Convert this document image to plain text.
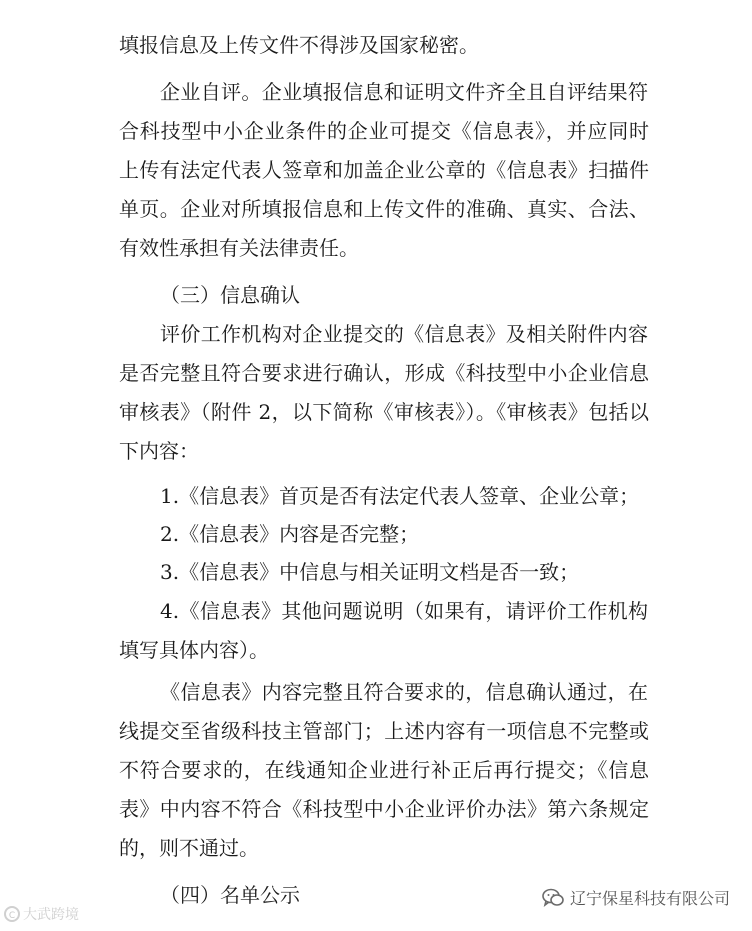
填报信息及上传文件不得涉及国家秘密。
企业自评。企业填报信息和证明文件齐全且自评结果符
合科技型中小企业条件的企业可提交《信息表》，并应同时
上传有法定代表人签章和加盖企业公章的《信息表》扫描件
单页。企业对所填报信息和上传文件的准确、真实、合法、
有效性承担有关法律责任。
（三）信息确认
评价工作机构对企业提交的《信息表》及相关附件内容
是否完整且符合要求进行确认，形成《科技型中小企业信息
审核表》（附件 2，以下简称《审核表》）。《审核表》包括以
下内容：
1.《信息表》首页是否有法定代表人签章、企业公章；
2.《信息表》内容是否完整；
3.《信息表》中信息与相关证明文档是否一致；
4.《信息表》其他问题说明（如果有，请评价工作机构
填写具体内容）。
《信息表》内容完整且符合要求的，信息确认通过，在
线提交至省级科技主管部门；上述内容有一项信息不完整或
不符合要求的，在线通知企业进行补正后再行提交；《信息
表》中内容不符合《科技型中小企业评价办法》第六条规定
的，则不通过。
（四）名单公示
C 大武跨境
辽宁保星科技有限公司
